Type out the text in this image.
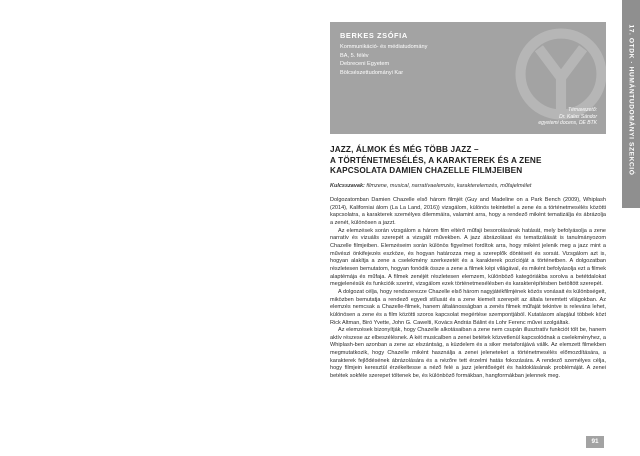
17. OTDK · HUMÁNTUDOMÁNYI SZEKCIÓ
BERKES ZSÓFIA
Kommunikáció- és médiatudomány
BA, 5. félév
Debreceni Egyetem
Bölcsészettudományi Kar
Témavezető:
Dr. Kalas Sándor
egyetemi docens, DE BTK
JAZZ, ÁLMOK ÉS MÉG TÖBB JAZZ –
A TÖRTÉNETMESÉLÉS, A KARAKTEREK ÉS A ZENE
KAPCSOLATA DAMIEN CHAZELLE FILMJEIBEN
Kulcsszavak: filmzene, musical, narratívaelemzés, karakterelemzés, műfajelmélet

Dolgozatomban Damien Chazelle első három filmjét (Guy and Madeline on a Park Bench (2009), Whiplash (2014), Kaliforniai álom (La La Land, 2016)) vizsgálom, különös tekintettel a zene és a történetmesélés közötti kapcsolatra, a karakterek személyes dilemmáira, valamint arra, hogy a rendező miként tematizálja és ábrázolja a zenét, különösen a jazzt.

Az elemzések során vizsgálom a három film eltérő műfaji besorolásának hatását, mely befolyásolja a zene narratív és vizuális szerepét a vizsgált művekben. A jazz ábrázolásat és tematizálását is tanulmányozom Chazelle filmjeiben. Elemzéseim során különös figyelmet fordítok arra, hogy miként jelenik meg a jazz mint a művészi önkifejezés eszköze, és hogyan határozza meg a szereplők döntéseit és sorsát. Vizsgálom azt is, hogyan alakítja a zene a cselekmény szerkezetét és a karakterek pozícióját a történetben. A dolgozatban részletesen bemutatom, hogyan fonódik össze a zene a filmek képi világával, és miként befolyásolja ezt a filmek alaptémája és műfaja. A filmek zenéjét részletesen elemzem, különböző kategóriákba sorolva a betétdalokat megjelenésük és funkcióik szerint, vizsgálom ezek történetmesélésben és karakterépítésben betöltött szerepét.

A dolgozat célja, hogy rendszerezze Chazelle első három nagyjátékfilmjének közös vonásait és különbségeit, miközben bemutatja a rendező egyedi stílusát és a zene kiemelt szerepét az általa teremtett világokban. Az elemzés nemcsak a Chazelle-filmek, hanem általánosságban a zenés filmek műfaját tekintve is releváns lehet, különösen a zene és a film közötti szoros kapcsolat megértése szempontjából. Kutatásom alapjául többek közt Rick Altman, Biró Yvette, John G. Cawelti, Kovács András Bálint és Lohr Ferenc művei szolgáltak.

Az elemzések bizonyítják, hogy Chazelle alkotásaiban a zene nem csupán illusztratív funkciót tölt be, hanem aktív részese az elbeszélésnek. A két musicalben a zenei betétek közvetlenül kapcsolódnak a cselekményhez, a Whiplash-ben azonban a zene az elszántság, a küzdelem és a siker metaforájává válik. Az elemzett filmekben megmutatkozik, hogy Chazelle miként használja a zenei jeleneteket a történetmesélés előmozdítására, a karakterek fejlődésének ábrázolására és a nézőre tett érzelmi hatás fokozására. A rendező személyes célja, hogy filmjein keresztül érzékeltesse a néző felé a jazz jelentőségét és haldoklásának problémáját. A zenei betétek sokféle szerepet töltenek be, és különböző formákban, hangformákban jelennek meg.

91
